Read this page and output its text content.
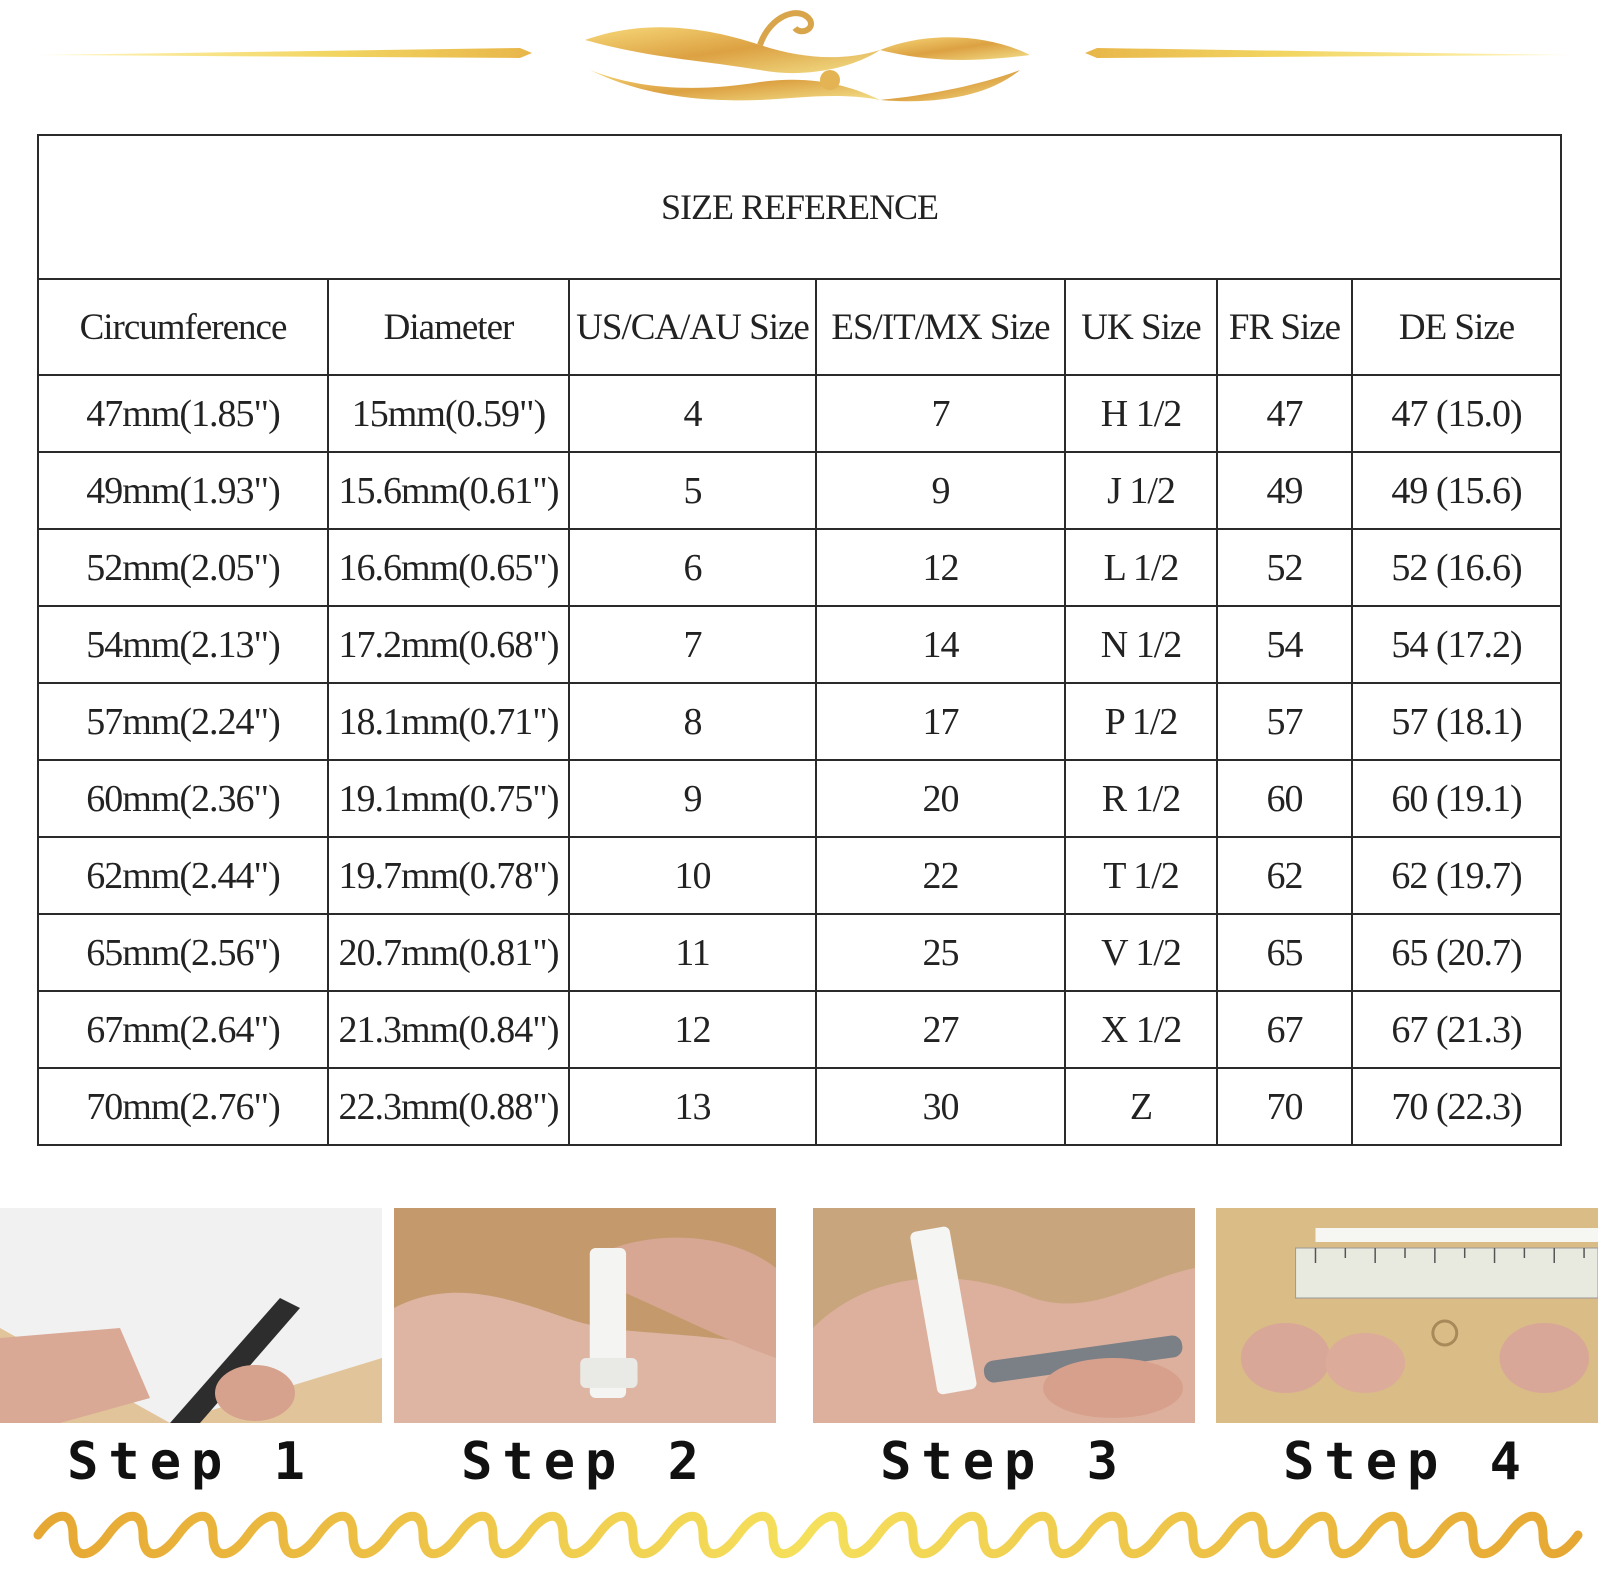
SIZE REFERENCE						
Circumference	Diameter	US/CA/AU Size	ES/IT/MX Size	UK Size	FR Size	DE Size
47mm(1.85")	15mm(0.59")	4	7	H 1/2	47	47 (15.0)
49mm(1.93")	15.6mm(0.61")	5	9	J 1/2	49	49 (15.6)
52mm(2.05")	16.6mm(0.65")	6	12	L 1/2	52	52 (16.6)
54mm(2.13")	17.2mm(0.68")	7	14	N 1/2	54	54 (17.2)
57mm(2.24")	18.1mm(0.71")	8	17	P 1/2	57	57 (18.1)
60mm(2.36")	19.1mm(0.75")	9	20	R 1/2	60	60 (19.1)
62mm(2.44")	19.7mm(0.78")	10	22	T 1/2	62	62 (19.7)
65mm(2.56")	20.7mm(0.81")	11	25	V 1/2	65	65 (20.7)
67mm(2.64")	21.3mm(0.84")	12	27	X 1/2	67	67 (21.3)
70mm(2.76")	22.3mm(0.88")	13	30	Z	70	70 (22.3)
Step 1	Step 2	Step 3	Step 4
